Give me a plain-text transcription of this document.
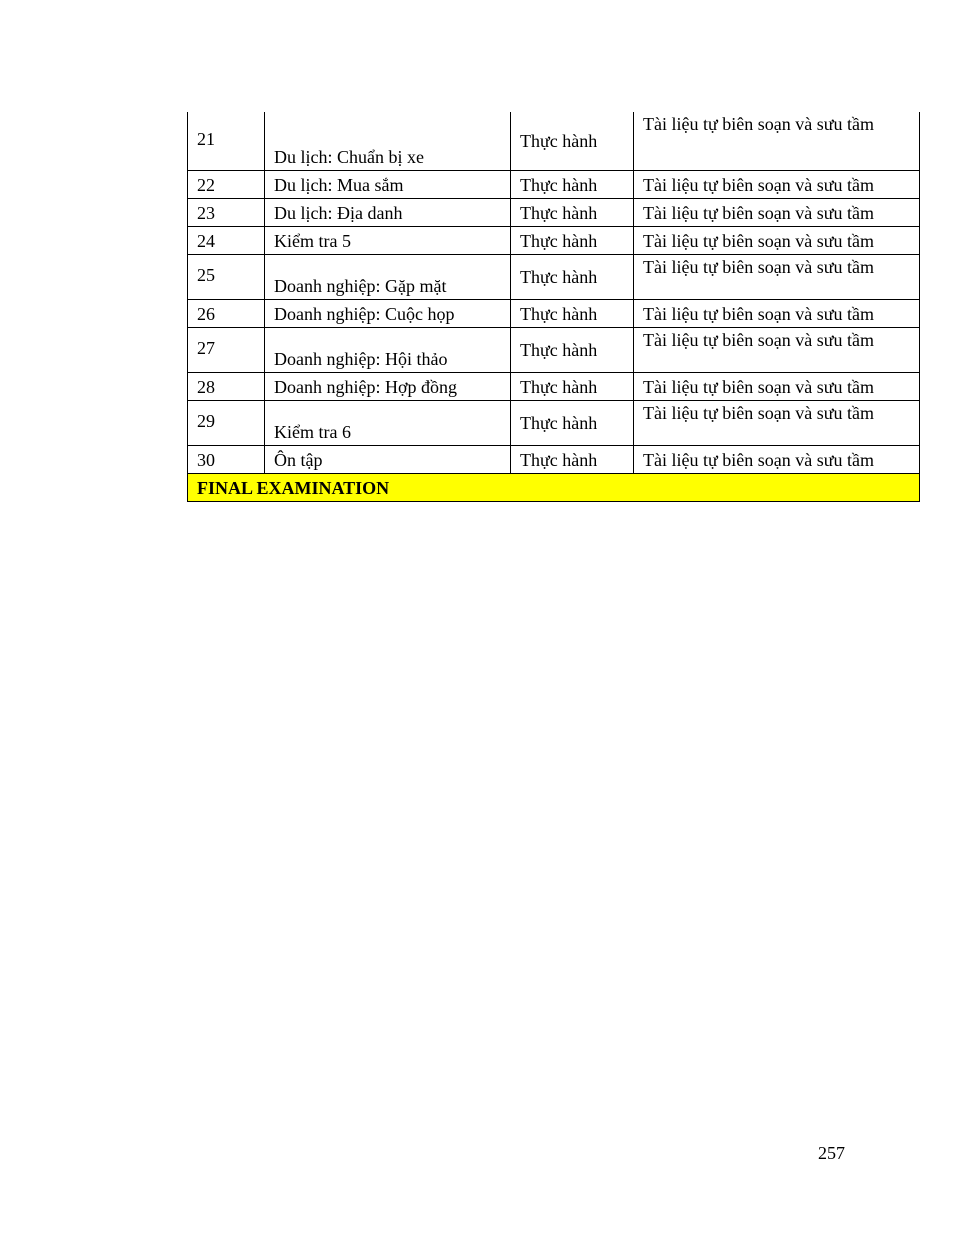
21	Du lịch: Chuẩn bị xe	Thực hành	Tài liệu tự biên soạn và sưu tầm
22	Du lịch: Mua sắm	Thực hành	Tài liệu tự biên soạn và sưu tầm
23	Du lịch: Địa danh	Thực hành	Tài liệu tự biên soạn và sưu tầm
24	Kiểm tra 5	Thực hành	Tài liệu tự biên soạn và sưu tầm
25	Doanh nghiệp: Gặp mặt	Thực hành	Tài liệu tự biên soạn và sưu tầm
26	Doanh nghiệp: Cuộc họp	Thực hành	Tài liệu tự biên soạn và sưu tầm
27	Doanh nghiệp: Hội thảo	Thực hành	Tài liệu tự biên soạn và sưu tầm
28	Doanh nghiệp: Hợp đồng	Thực hành	Tài liệu tự biên soạn và sưu tầm
29	Kiểm tra 6	Thực hành	Tài liệu tự biên soạn và sưu tầm
30	Ôn tập	Thực hành	Tài liệu tự biên soạn và sưu tầm
FINAL EXAMINATION			
257
